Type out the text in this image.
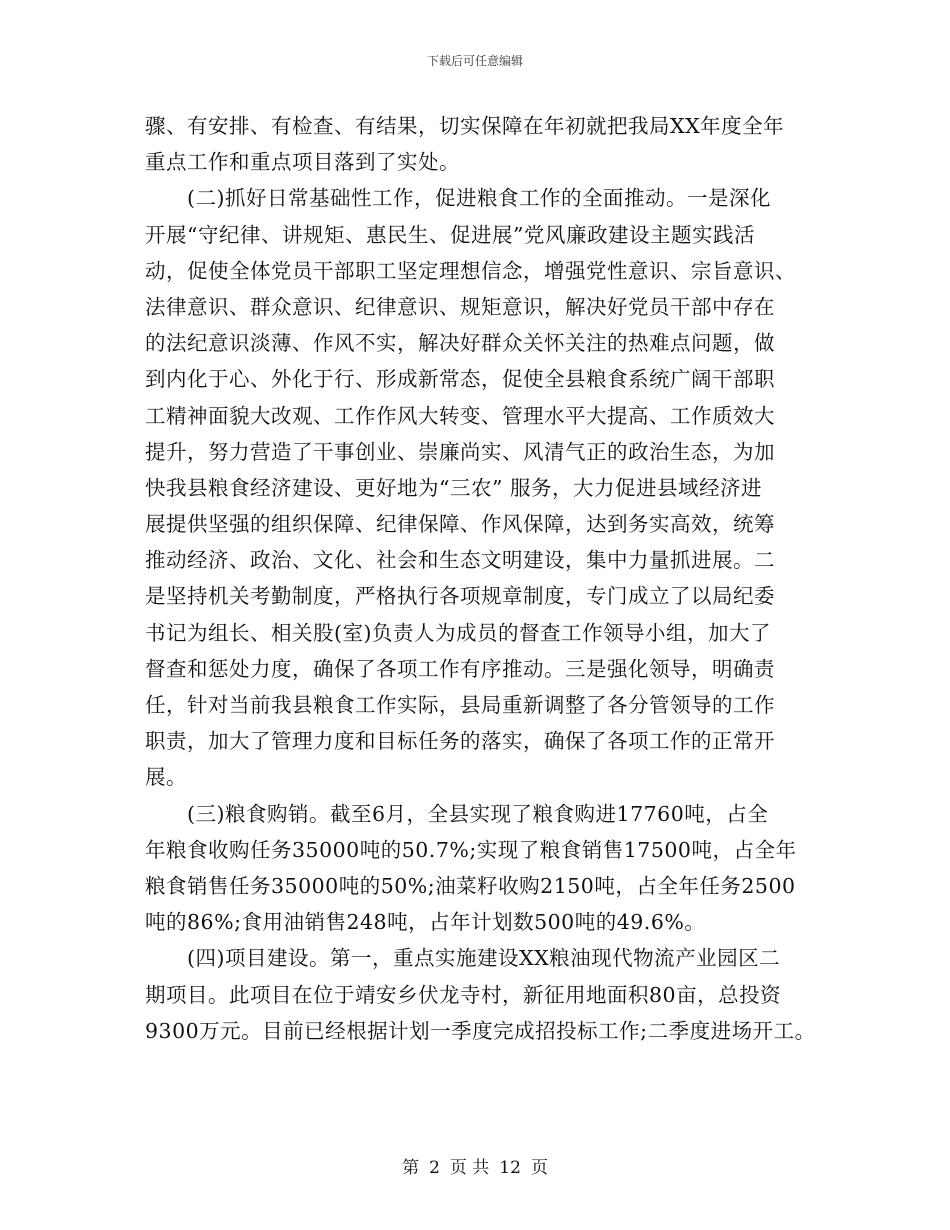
下载后可任意编辑
骤、有安排、有检查、有结果，切实保障在年初就把我局XX年度全年
重点工作和重点项目落到了实处。
(二)抓好日常基础性工作，促进粮食工作的全面推动。一是深化
开展“守纪律、讲规矩、惠民生、促进展”党风廉政建设主题实践活
动，促使全体党员干部职工坚定理想信念，增强党性意识、宗旨意识、
法律意识、群众意识、纪律意识、规矩意识，解决好党员干部中存在
的法纪意识淡薄、作风不实，解决好群众关怀关注的热难点问题，做
到内化于心、外化于行、形成新常态，促使全县粮食系统广阔干部职
工精神面貌大改观、工作作风大转变、管理水平大提高、工作质效大
提升，努力营造了干事创业、崇廉尚实、风清气正的政治生态，为加
快我县粮食经济建设、更好地为“三农” 服务，大力促进县域经济进
展提供坚强的组织保障、纪律保障、作风保障，达到务实高效，统筹
推动经济、政治、文化、社会和生态文明建设，集中力量抓进展。二
是坚持机关考勤制度，严格执行各项规章制度，专门成立了以局纪委
书记为组长、相关股(室)负责人为成员的督查工作领导小组，加大了
督查和惩处力度，确保了各项工作有序推动。三是强化领导，明确责
任，针对当前我县粮食工作实际，县局重新调整了各分管领导的工作
职责，加大了管理力度和目标任务的落实，确保了各项工作的正常开
展。
(三)粮食购销。截至6月，全县实现了粮食购进17760吨，占全
年粮食收购任务35000吨的50.7%;实现了粮食销售17500吨，占全年
粮食销售任务35000吨的50%;油菜籽收购2150吨，占全年任务2500
吨的86%;食用油销售248吨，占年计划数500吨的49.6%。
(四)项目建设。第一，重点实施建设XX粮油现代物流产业园区二
期项目。此项目在位于靖安乡伏龙寺村，新征用地面积80亩，总投资
9300万元。目前已经根据计划一季度完成招投标工作;二季度进场开工。
第 2 页 共 12 页
